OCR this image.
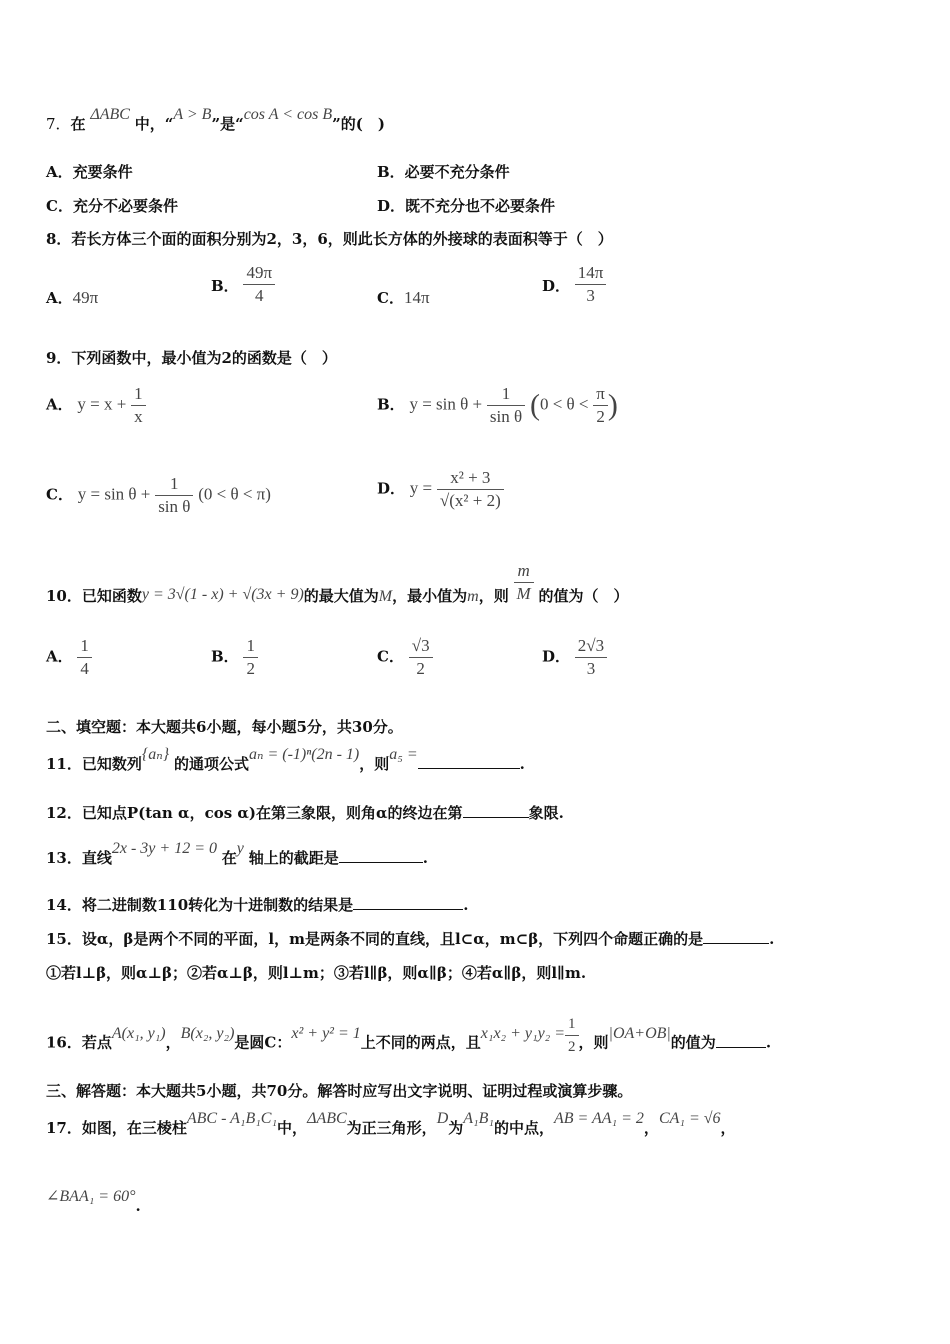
7．在 ΔABC 中，“A > B”是“cos A < cos B”的(　)
A．充要条件	B．必要不充分条件
C．充分不必要条件	D．既不充分也不必要条件
8．若长方体三个面的面积分别为2，3，6，则此长方体的外接球的表面积等于（　）
A．49π
B． $\frac{49\pi}{4}$	C．14π
D． $\frac{14\pi}{3}$
9．下列函数中，最小值为2的函数是（　）
A． $y = x + \frac{1}{x}$	B． $y = \sin \theta + \frac{1}{\text{sin θ}} (0 < \theta < \frac{\pi}{2}$ )
C． $y = \sin \theta + \frac{1}{\text{sin θ}} (0 < \theta < \pi)$	D． $y = \frac{\text{x² + 3}}{\text{√(x² + 2)}}$
10．已知函数y = 3√(1 - x) + √(3x + 9)的最大值为M，最小值为m，则 $\frac{m}{M}$ 的值为（　）
A． $\frac{1}{4}$	B． $\frac{1}{2}$	C． $\frac{√3}{2}$	D． $\frac{2√3}{3}$
二、填空题：本大题共6小题，每小题5分，共30分。
11．已知数列{aₙ} 的通项公式aₙ = (-1)ⁿ(2n - 1)，则a₅ =.
12．已知点P(tan α，cos α)在第三象限，则角α的终边在第	象限.
13．直线2x - 3y + 12 = 0 在y 轴上的截距是	.
14．将二进制数110转化为十进制数的结果是	.
15．设α，β是两个不同的平面，l，m是两条不同的直线，且l⊂α，m⊂β，下列四个命题正确的是	.
①若l⊥β，则α⊥β；②若α⊥β，则l⊥m；③若l∥β，则α∥β；④若α∥β，则l∥m.
16．若点A(x₁, y₁)，B(x₂, y₂)是圆C：x² + y² = 1上不同的两点，且$x_1x_2 + y_1y_2 = \frac{1}{2}$ ，则|OA+OB|的值为	.
三、解答题：本大题共5小题，共70分。解答时应写出文字说明、证明过程或演算步骤。
17．如图，在三棱柱ABC - A₁B₁C₁中，ΔABC为正三角形，D为A₁B₁的中点，AB = AA₁ = 2，CA₁ = √6，
∠BAA₁ = 60°.
